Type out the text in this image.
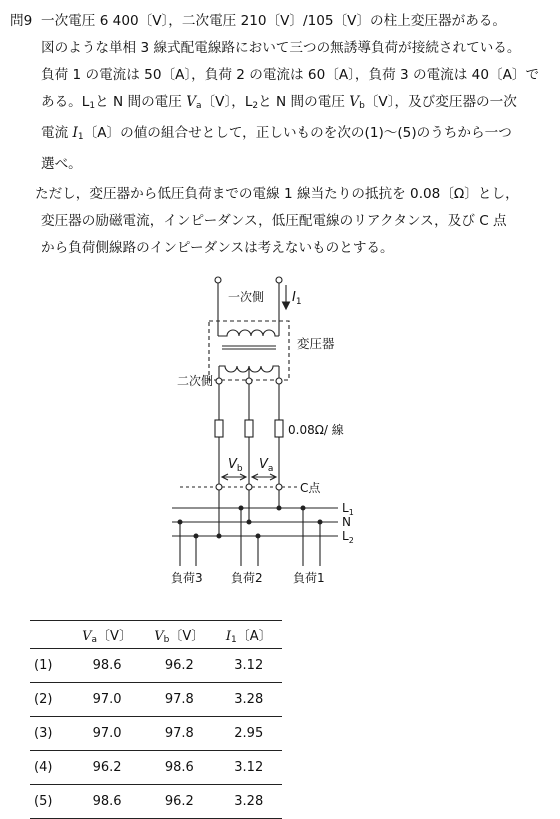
問9 一次電圧 6 400〔V〕，二次電圧 210〔V〕/105〔V〕の柱上変圧器がある。
図のような単相 3 線式配電線路において三つの無誘導負荷が接続されている。
負荷 1 の電流は 50〔A〕，負荷 2 の電流は 60〔A〕，負荷 3 の電流は 40〔A〕で
ある。$L_1$と N 間の電圧 $V_a$〔V〕，$L_2$と N 間の電圧 $V_b$〔V〕，及び変圧器の一次
電流 $I_1$〔A〕の値の組合せとして，正しいものを次の(1)～(5)のうちから一つ
選べ。
ただし，変圧器から低圧負荷までの電線 1 線当たりの抵抗を 0.08〔Ω〕とし，
変圧器の励磁電流，インピーダンス，低圧配電線のリアクタンス，及び C 点
から負荷側線路のインピーダンスは考えないものとする。
一次側 $I_1$
変圧器
二次側
0.08Ω/ 線
$V_b$ $V_a$
C点
$L_1$
N
$L_2$
負荷3 負荷2	負荷1
	$V_a$〔V〕	$V_b$〔V〕	$I_1$〔A〕
(1)	98.6	96.2	3.12
(2)	97.0	97.8	3.28
(3)	97.0	97.8	2.95
(4)	96.2	98.6	3.12
(5)	98.6	96.2	3.28
